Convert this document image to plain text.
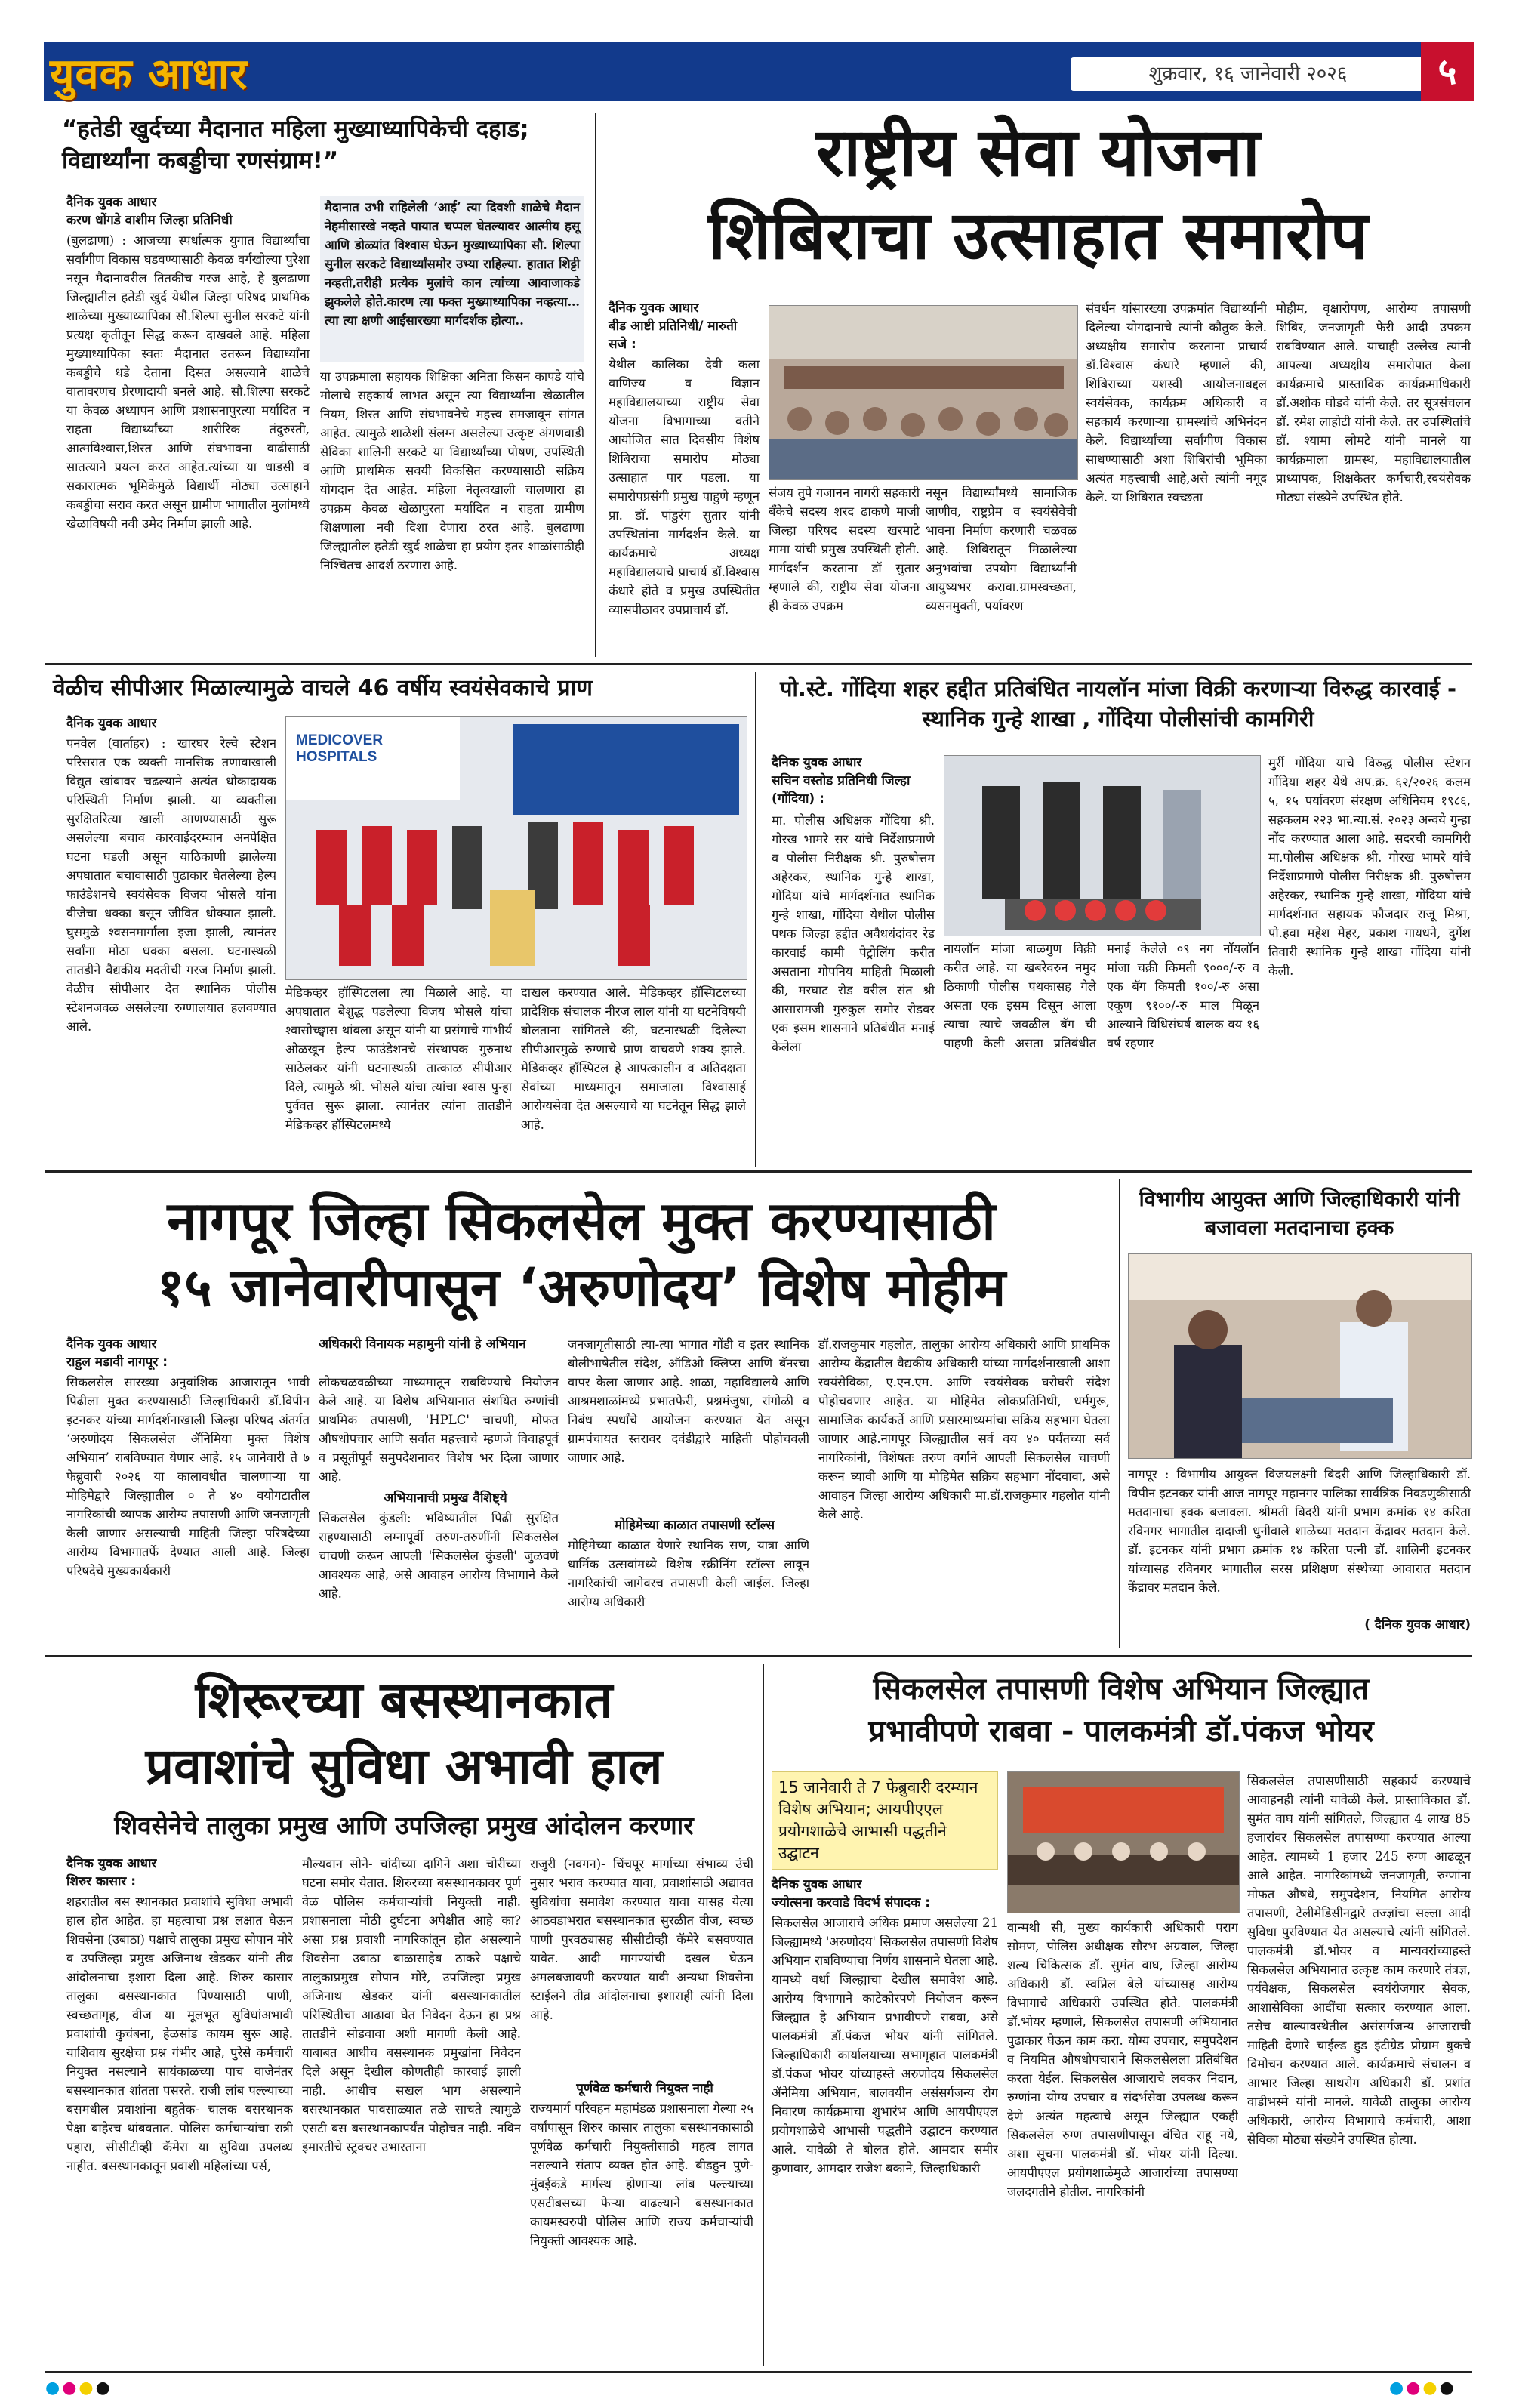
युवक आधार	शुक्रवार, १६ जानेवारी २०२६	५
“हतेडी खुर्दच्या मैदानात महिला मुख्याध्यापिकेची दहाड; विद्यार्थ्यांना कबड्डीचा रणसंग्राम!”
दैनिक युवक आधार
करण धोंगडे वाशीम जिल्हा प्रतिनिधी
(बुलढाणा) : आजच्या स्पर्धात्मक युगात विद्यार्थ्यांचा सर्वांगीण विकास घडवण्यासाठी केवळ वर्गखोल्या पुरेशा नसून मैदानावरील तितकीच गरज आहे, हे बुलढाणा जिल्ह्यातील हतेडी खुर्द येथील जिल्हा परिषद प्राथमिक शाळेच्या मुख्याध्यापिका सौ.शिल्पा सुनील सरकटे यांनी प्रत्यक्ष कृतीतून सिद्ध करून दाखवले आहे. महिला मुख्याध्यापिका स्वतः मैदानात उतरून विद्यार्थ्यांना कबड्डीचे धडे देताना दिसत असल्याने शाळेचे वातावरणच प्रेरणादायी बनले आहे. सौ.शिल्पा सरकटे या केवळ अध्यापन आणि प्रशासनापुरत्या मर्यादित न राहता विद्यार्थ्यांच्या शारीरिक तंदुरुस्ती, आत्मविश्वास,शिस्त आणि संघभावना वाढीसाठी सातत्याने प्रयत्न करत आहेत.त्यांच्या या धाडसी व सकारात्मक भूमिकेमुळे विद्यार्थी मोठ्या उत्साहाने कबड्डीचा सराव करत असून ग्रामीण भागातील मुलांमध्ये खेळाविषयी नवी उमेद निर्माण झाली आहे.
मैदानात उभी राहिलेली ‘आई’ त्या दिवशी शाळेचे मैदान नेहमीसारखे नव्हते पायात चप्पल घेतल्यावर आत्मीय हसू आणि डोळ्यांत विश्वास घेऊन मुख्याध्यापिका सौ. शिल्पा सुनील सरकटे विद्यार्थ्यांसमोर उभ्या राहिल्या. हातात शिट्टी नव्हती,तरीही प्रत्येक मुलांचे कान त्यांच्या आवाजाकडे झुकलेले होते.कारण त्या फक्त मुख्याध्यापिका नव्हत्या… त्या त्या क्षणी आईसारख्या मार्गदर्शक होत्या..
या उपक्रमाला सहायक शिक्षिका अनिता किसन कापडे यांचे मोलाचे सहकार्य लाभत असून त्या विद्यार्थ्यांना खेळातील नियम, शिस्त आणि संघभावनेचे महत्त्व समजावून सांगत आहेत. त्यामुळे शाळेशी संलग्न असलेल्या उत्कृष्ट अंगणवाडी सेविका शालिनी सरकटे या विद्यार्थ्यांच्या पोषण, उपस्थिती आणि प्राथमिक सवयी विकसित करण्यासाठी सक्रिय योगदान देत आहेत. महिला नेतृत्वखाली चालणारा हा उपक्रम केवळ खेळापुरता मर्यादित न राहता ग्रामीण शिक्षणाला नवी दिशा देणारा ठरत आहे. बुलढाणा जिल्ह्यातील हतेडी खुर्द शाळेचा हा प्रयोग इतर शाळांसाठीही निश्चितच आदर्श ठरणारा आहे.
राष्ट्रीय सेवा योजना
शिबिराचा उत्साहात समारोप
दैनिक युवक आधार
बीड आष्टी प्रतिनिधी/ मारुती सजे :
येथील कालिका देवी कला वाणिज्य व विज्ञान महाविद्यालयाच्या राष्ट्रीय सेवा योजना विभागाच्या वतीने आयोजित सात दिवसीय विशेष शिबिराचा समारोप मोठ्या उत्साहात पार पडला. या समारोपप्रसंगी प्रमुख पाहुणे म्हणून प्रा. डॉ. पांडुरंग सुतार यांनी उपस्थितांना मार्गदर्शन केले. या कार्यक्रमाचे अध्यक्ष महाविद्यालयाचे प्राचार्य डॉ.विश्वास कंधारे होते व प्रमुख उपस्थितीत व्यासपीठावर उपप्राचार्य डॉ.
संजय तुपे गजानन नागरी सहकारी बँकेचे सदस्य शरद ढाकणे माजी जिल्हा परिषद सदस्य खरमाटे मामा यांची प्रमुख उपस्थिती होती. मार्गदर्शन करताना डॉ सुतार म्हणाले की, राष्ट्रीय सेवा योजना ही केवळ उपक्रम
नसून विद्यार्थ्यांमध्ये सामाजिक जाणीव, राष्ट्रप्रेम व स्वयंसेवेची भावना निर्माण करणारी चळवळ आहे. शिबिरातून मिळालेल्या अनुभवांचा उपयोग विद्यार्थ्यांनी आयुष्यभर करावा.ग्रामस्वच्छता, व्यसनमुक्ती, पर्यावरण
संवर्धन यांसारख्या उपक्रमांत विद्यार्थ्यांनी दिलेल्या योगदानाचे त्यांनी कौतुक केले. अध्यक्षीय समारोप करताना प्राचार्य डॉ.विश्वास कंधारे म्हणाले की, शिबिराच्या यशस्वी आयोजनाबद्दल स्वयंसेवक, कार्यक्रम अधिकारी व सहकार्य करणाऱ्या ग्रामस्थांचे अभिनंदन केले. विद्यार्थ्यांच्या सर्वांगीण विकास साधण्यासाठी अशा शिबिरांची भूमिका अत्यंत महत्त्वाची आहे,असे त्यांनी नमूद केले. या शिबिरात स्वच्छता
मोहीम, वृक्षारोपण, आरोग्य तपासणी शिबिर, जनजागृती फेरी आदी उपक्रम राबविण्यात आले. याचाही उल्लेख त्यांनी आपल्या अध्यक्षीय समारोपात केला कार्यक्रमाचे प्रास्ताविक कार्यक्रमाधिकारी डॉ.अशोक घोडवे यांनी केले. तर सूत्रसंचलन डॉ. रमेश लाहोटी यांनी केले. तर उपस्थितांचे डॉ. श्यामा लोमटे यांनी मानले या कार्यक्रमाला ग्रामस्थ, महाविद्यालयातील प्राध्यापक, शिक्षकेतर कर्मचारी,स्वयंसेवक मोठ्या संख्येने उपस्थित होते.
वेळीच सीपीआर मिळाल्यामुळे वाचले 46 वर्षीय स्वयंसेवकाचे प्राण
दैनिक युवक आधार
पनवेल (वार्ताहर) : खारघर रेल्वे स्टेशन परिसरात एक व्यक्ती मानसिक तणावाखाली विद्युत खांबावर चढल्याने अत्यंत धोकादायक परिस्थिती निर्माण झाली. या व्यक्तीला सुरक्षितरित्या खाली आणण्यासाठी सुरू असलेल्या बचाव कारवाईदरम्यान अनपेक्षित घटना घडली असून याठिकाणी झालेल्या अपघातात बचावासाठी पुढाकार घेतलेल्या हेल्प फाउंडेशनचे स्वयंसेवक विजय भोसले यांना वीजेचा धक्का बसून जीवित धोक्यात झाली. घुसमुळे श्वसनमार्गाला इजा झाली, त्यानंतर सर्वांना मोठा धक्का बसला. घटनास्थळी तातडीने वैद्यकीय मदतीची गरज निर्माण झाली. वेळीच सीपीआर देत स्थानिक पोलीस स्टेशनजवळ असलेल्या रुग्णालयात हलवण्यात आले.
MEDICOVER HOSPITALS
मेडिकव्हर हॉस्पिटलला त्या मिळाले आहे. या अपघातात बेशुद्ध पडलेल्या विजय भोसले यांचा श्वासोच्छ्वास थांबला असून यांनी या प्रसंगाचे गांभीर्य ओळखून हेल्प फाउंडेशनचे संस्थापक गुरुनाथ साठेलकर यांनी घटनास्थळी तात्काळ सीपीआर दिले, त्यामुळे श्री. भोसले यांचा त्यांचा श्वास पुन्हा पुर्ववत सुरू झाला. त्यानंतर त्यांना तातडीने मेडिकव्हर हॉस्पिटलमध्ये
दाखल करण्यात आले. मेडिकव्हर हॉस्पिटलच्या प्रादेशिक संचालक नीरज लाल यांनी या घटनेविषयी बोलताना सांगितले की, घटनास्थळी दिलेल्या सीपीआरमुळे रुग्णाचे प्राण वाचवणे शक्य झाले. मेडिकव्हर हॉस्पिटल हे आपत्कालीन व अतिदक्षता सेवांच्या माध्यमातून समाजाला विश्वासार्ह आरोग्यसेवा देत असल्याचे या घटनेतून सिद्ध झाले आहे.
पो.स्टे. गोंदिया शहर हद्दीत प्रतिबंधित नायलॉन मांजा विक्री करणाऱ्या विरुद्ध कारवाई - स्थानिक गुन्हे शाखा , गोंदिया पोलीसांची कामगिरी
दैनिक युवक आधार
सचिन वस्तोड प्रतिनिधी जिल्हा (गोंदिया) :
मा. पोलीस अधिक्षक गोंदिया श्री. गोरख भामरे सर यांचे निर्देशाप्रमाणे व पोलीस निरीक्षक श्री. पुरुषोत्तम अहेरकर, स्थानिक गुन्हे शाखा, गोंदिया यांचे मार्गदर्शनात स्थानिक गुन्हे शाखा, गोंदिया येथील पोलीस पथक जिल्हा हद्दीत अवैधधंदांवर रेड कारवाई कामी पेट्रोलिंग करीत असताना गोपनिय माहिती मिळाली की, मरघाट रोड वरील संत श्री आसारामजी गुरुकुल समोर रोडवर एक इसम शासनाने प्रतिबंधीत मनाई केलेला
नायलॉन मांजा बाळगुण विक्री करीत आहे. या खबरेवरुन नमुद ठिकाणी पोलीस पथकासह गेले असता एक इसम दिसून आला त्याचा त्याचे जवळील बॅग ची पाहणी केली असता प्रतिबंधीत मनाई केलेले ०९ नग नॉयलॉन मांजा चक्री किमती ९०००/-रु व एक बॅग किमती १००/-रु असा एकूण ९१००/-रु माल मिळून आल्याने विधिसंघर्ष बालक वय १६ वर्ष रहणार
मुर्री गोंदिया याचे विरुद्ध पोलीस स्टेशन गोंदिया शहर येथे अप.क्र. ६२/२०२६ कलम ५, १५ पर्यावरण संरक्षण अधिनियम १९८६, सहकलम २२३ भा.न्या.सं. २०२३ अन्वये गुन्हा नोंद करण्यात आला आहे. सदरची कामगिरी मा.पोलीस अधिक्षक श्री. गोरख भामरे यांचे निर्देशाप्रमाणे पोलीस निरीक्षक श्री. पुरुषोत्तम अहेरकर, स्थानिक गुन्हे शाखा, गोंदिया यांचे मार्गदर्शनात सहायक फौजदार राजू मिश्रा, पो.हवा महेश मेहर, प्रकाश गायधने, दुर्गेश तिवारी स्थानिक गुन्हे शाखा गोंदिया यांनी केली.
नागपूर जिल्हा सिकलसेल मुक्त करण्यासाठी
१५ जानेवारीपासून ‘अरुणोदय’ विशेष मोहीम
दैनिक युवक आधार
राहुल मडावी नागपूर :
सिकलसेल सारख्या अनुवांशिक आजारातून भावी पिढीला मुक्त करण्यासाठी जिल्हाधिकारी डॉ.विपीन इटनकर यांच्या मार्गदर्शनाखाली जिल्हा परिषद अंतर्गत ‘अरुणोदय सिकलसेल ॲनिमिया मुक्त विशेष अभियान’ राबविण्यात येणार आहे. १५ जानेवारी ते ७ फेब्रुवारी २०२६ या कालावधीत चालणाऱ्या या मोहिमेद्वारे जिल्ह्यातील ० ते ४० वयोगटातील नागरिकांची व्यापक आरोग्य तपासणी आणि जनजागृती केली जाणार असल्याची माहिती जिल्हा परिषदेच्या आरोग्य विभागातर्फे देण्यात आली आहे. जिल्हा परिषदेचे मुख्यकार्यकारी
अधिकारी विनायक महामुनी यांनी हे अभियान
लोकचळवळीच्या माध्यमातून राबविण्याचे नियोजन केले आहे. या विशेष अभियानात संशयित रुग्णांची प्राथमिक तपासणी, 'HPLC' चाचणी, मोफत औषधोपचार आणि सर्वात महत्त्वाचे म्हणजे विवाहपूर्व व प्रसूतीपूर्व समुपदेशनावर विशेष भर दिला जाणार आहे.
अभियानाची प्रमुख वैशिष्ट्ये
सिकलसेल कुंडली: भविष्यातील पिढी सुरक्षित राहण्यासाठी लग्नापूर्वी तरुण-तरुणींनी सिकलसेल चाचणी करून आपली 'सिकलसेल कुंडली' जुळवणे आवश्यक आहे, असे आवाहन आरोग्य विभागाने केले आहे.
जनजागृतीसाठी त्या-त्या भागात गोंडी व इतर स्थानिक बोलीभाषेतील संदेश, ऑडिओ क्लिप्स आणि बॅनरचा वापर केला जाणार आहे. शाळा, महाविद्यालये आणि आश्रमशाळांमध्ये प्रभातफेरी, प्रश्नमंजुषा, रांगोळी व निबंध स्पर्धांचे आयोजन करण्यात येत असून ग्रामपंचायत स्तरावर दवंडीद्वारे माहिती पोहोचवली जाणार आहे.
मोहिमेच्या काळात तपासणी स्टॉल्स
मोहिमेच्या काळात येणारे स्थानिक सण, यात्रा आणि धार्मिक उत्सवांमध्ये विशेष स्क्रीनिंग स्टॉल्स लावून नागरिकांची जागेवरच तपासणी केली जाईल. जिल्हा आरोग्य अधिकारी
डॉ.राजकुमार गहलोत, तालुका आरोग्य अधिकारी आणि प्राथमिक आरोग्य केंद्रातील वैद्यकीय अधिकारी यांच्या मार्गदर्शनाखाली आशा स्वयंसेविका, ए.एन.एम. आणि स्वयंसेवक घरोघरी संदेश पोहोचवणार आहेत. या मोहिमेत लोकप्रतिनिधी, धर्मगुरू, सामाजिक कार्यकर्ते आणि प्रसारमाध्यमांचा सक्रिय सहभाग घेतला जाणार आहे.नागपूर जिल्ह्यातील सर्व वय ४० पर्यंतच्या सर्व नागरिकांनी, विशेषतः तरुण वर्गाने आपली सिकलसेल चाचणी करून घ्यावी आणि या मोहिमेत सक्रिय सहभाग नोंदवावा, असे आवाहन जिल्हा आरोग्य अधिकारी मा.डॉ.राजकुमार गहलोत यांनी केले आहे.
विभागीय आयुक्त आणि जिल्हाधिकारी यांनी बजावला मतदानाचा हक्क
नागपूर : विभागीय आयुक्त विजयलक्ष्मी बिदरी आणि जिल्हाधिकारी डॉ. विपीन इटनकर यांनी आज नागपूर महानगर पालिका सार्वत्रिक निवडणुकीसाठी मतदानाचा हक्क बजावला. श्रीमती बिदरी यांनी प्रभाग क्रमांक १४ करिता रविनगर भागातील दादाजी धुनीवाले शाळेच्या मतदान केंद्रावर मतदान केले. डॉ. इटनकर यांनी प्रभाग क्रमांक १४ करिता पत्नी डॉ. शालिनी इटनकर यांच्यासह रविनगर भागातील सरस प्रशिक्षण संस्थेच्या आवारात मतदान केंद्रावर मतदान केले.
( दैनिक युवक आधार)
शिरूरच्या बसस्थानकात
प्रवाशांचे सुविधा अभावी हाल
शिवसेनेचे तालुका प्रमुख आणि उपजिल्हा प्रमुख आंदोलन करणार
दैनिक युवक आधार
शिरुर कासार :
शहरातील बस स्थानकात प्रवाशांचे सुविधा अभावी हाल होत आहेत. हा महत्वाचा प्रश्न लक्षात घेऊन शिवसेना (उबाठा) पक्षाचे तालुका प्रमुख सोपान मोरे व उपजिल्हा प्रमुख अजिनाथ खेडकर यांनी तीव्र आंदोलनाचा इशारा दिला आहे. शिरुर कासार तालुका बसस्थानकात पिण्यासाठी पाणी, स्वच्छतागृह, वीज या मूलभूत सुविधांअभावी प्रवाशांची कुचंबना, हेळसांड कायम सुरू आहे. याशिवाय सुरक्षेचा प्रश्न गंभीर आहे, पुरेसे कर्मचारी नियुक्त नसल्याने सायंकाळच्या पाच वाजेनंतर बसस्थानकात शांतता पसरते. राजी लांब पल्ल्याच्या बसमधील प्रवाशांना बहुतेक- चालक बसस्थानक पेक्षा बाहेरच थांबवतात. पोलिस कर्मचाऱ्यांचा रात्री पहारा, सीसीटीव्ही कॅमेरा या सुविधा उपलब्ध नाहीत. बसस्थानकातून प्रवाशी महिलांच्या पर्स,
मौल्यवान सोने- चांदीच्या दागिने अशा चोरीच्या घटना समोर येतात. शिरुरच्या बसस्थानकावर पूर्ण वेळ पोलिस कर्मचाऱ्यांची नियुक्ती नाही. प्रशासनाला मोठी दुर्घटना अपेक्षीत आहे का? असा प्रश्न प्रवाशी नागरिकांतून होत असल्याने शिवसेना उबाठा बाळासाहेब ठाकरे पक्षाचे तालुकाप्रमुख सोपान मोरे, उपजिल्हा प्रमुख अजिनाथ खेडकर यांनी बसस्थानकातील परिस्थितीचा आढावा घेत निवेदन देऊन हा प्रश्न तातडीने सोडवावा अशी मागणी केली आहे. याबाबत आधीच बसस्थानक प्रमुखांना निवेदन दिले असून देखील कोणतीही कारवाई झाली नाही. आधीच सखल भाग असल्याने बसस्थानकात पावसाळ्यात तळे साचते त्यामुळे एसटी बस बसस्थानकापर्यंत पोहोचत नाही. नविन इमारतीचे स्ट्रक्चर उभारताना
राजुरी (नवगन)- चिंचपूर मार्गाच्या संभाव्य उंची नुसार भराव करण्यात यावा, प्रवाशांसाठी अद्यावत सुविधांचा समावेश करण्यात यावा यासह येत्या आठवडाभरात बसस्थानकात सुरळीत वीज, स्वच्छ पाणी पुरवठ्यासह सीसीटीव्ही कॅमेरे बसवण्यात यावेत. आदी मागण्यांची दखल घेऊन अमलबजावणी करण्यात यावी अन्यथा शिवसेना स्टाईलने तीव्र आंदोलनाचा इशाराही त्यांनी दिला आहे.
पूर्णवेळ कर्मचारी नियुक्त नाही
राज्यमार्ग परिवहन महामंडळ प्रशासनाला गेल्या २५ वर्षांपासून शिरुर कासार तालुका बसस्थानकासाठी पूर्णवेळ कर्मचारी नियुक्तीसाठी महत्व लागत नसल्याने संताप व्यक्त होत आहे. बीडहुन पुणे-मुंबईकडे मार्गस्थ होणाऱ्या लांब पल्ल्याच्या एसटीबसच्या फेऱ्या वाढल्याने बसस्थानकात कायमस्वरुपी पोलिस आणि राज्य कर्मचाऱ्यांची नियुक्ती आवश्यक आहे.
सिकलसेल तपासणी विशेष अभियान जिल्ह्यात
प्रभावीपणे राबवा - पालकमंत्री डॉ.पंकज भोयर
15 जानेवारी ते 7 फेब्रुवारी दरम्यान विशेष अभियान; आयपीएएल प्रयोगशाळेचे आभासी पद्धतीने उद्घाटन
दैनिक युवक आधार
ज्योत्सना करवाडे विदर्भ संपादक :
सिकलसेल आजाराचे अधिक प्रमाण असलेल्या 21 जिल्ह्यामध्ये 'अरुणोदय' सिकलसेल तपासणी विशेष अभियान राबविण्याचा निर्णय शासनाने घेतला आहे. यामध्ये वर्धा जिल्ह्याचा देखील समावेश आहे. आरोग्य विभागाने काटेकोरपणे नियोजन करून जिल्ह्यात हे अभियान प्रभावीपणे राबवा, असे पालकमंत्री डॉ.पंकज भोयर यांनी सांगितले. जिल्हाधिकारी कार्यालयाच्या सभागृहात पालकमंत्री डॉ.पंकज भोयर यांच्याहस्ते अरुणोदय सिकलसेल ॲनेमिया अभियान, बालवयीन असंसर्गजन्य रोग निवारण कार्यक्रमाचा शुभारंभ आणि आयपीएएल प्रयोगशाळेचे आभासी पद्धतीने उद्घाटन करण्यात आले. यावेळी ते बोलत होते. आमदार समीर कुणावार, आमदार राजेश बकाने, जिल्हाधिकारी
वान्मथी सी, मुख्य कार्यकारी अधिकारी पराग सोमण, पोलिस अधीक्षक सौरभ अग्रवाल, जिल्हा शल्य चिकित्सक डॉ. सुमंत वाघ, जिल्हा आरोग्य अधिकारी डॉ. स्वप्निल बेले यांच्यासह आरोग्य विभागाचे अधिकारी उपस्थित होते. पालकमंत्री डॉ.भोयर म्हणाले, सिकलसेल तपासणी अभियानात पुढाकार घेऊन काम करा. योग्य उपचार, समुपदेशन व नियमित औषधोपचाराने सिकलसेलला प्रतिबंधित करता येईल. सिकलसेल आजाराचे लवकर निदान, रुग्णांना योग्य उपचार व संदर्भसेवा उपलब्ध करून देणे अत्यंत महत्वाचे असून जिल्ह्यात एकही सिकलसेल रुग्ण तपासणीपासून वंचित राहू नये, अशा सूचना पालकमंत्री डॉ. भोयर यांनी दिल्या. आयपीएएल प्रयोगशाळेमुळे आजारांच्या तपासण्या जलदगतीने होतील. नागरिकांनी
सिकलसेल तपासणीसाठी सहकार्य करण्याचे आवाहनही त्यांनी यावेळी केले. प्रास्ताविकात डॉ. सुमंत वाघ यांनी सांगितले, जिल्ह्यात 4 लाख 85 हजारांवर सिकलसेल तपासण्या करण्यात आल्या आहेत. त्यामध्ये 1 हजार 245 रुग्ण आढळून आले आहेत. नागरिकांमध्ये जनजागृती, रुग्णांना मोफत औषधे, समुपदेशन, नियमित आरोग्य तपासणी, टेलीमेडिसीनद्वारे तज्ज्ञांचा सल्ला आदी सुविधा पुरविण्यात येत असल्याचे त्यांनी सांगितले. पालकमंत्री डॉ.भोयर व मान्यवरांच्याहस्ते सिकलसेल अभियानात उत्कृष्ट काम करणारे तंत्रज्ञ, पर्यवेक्षक, सिकलसेल स्वयंरोजगार सेवक, आशासेविका आदींचा सत्कार करण्यात आला. तसेच बाल्यावस्थेतील असंसर्गजन्य आजाराची माहिती देणारे चाईल्ड हुड इंटीग्रेड प्रोग्राम बुकचे विमोचन करण्यात आले. कार्यक्रमाचे संचालन व आभार जिल्हा साथरोग अधिकारी डॉ. प्रशांत वाडीभस्मे यांनी मानले. यावेळी तालुका आरोग्य अधिकारी, आरोग्य विभागाचे कर्मचारी, आशा सेविका मोठ्या संख्येने उपस्थित होत्या.
●●●●	●●●●
